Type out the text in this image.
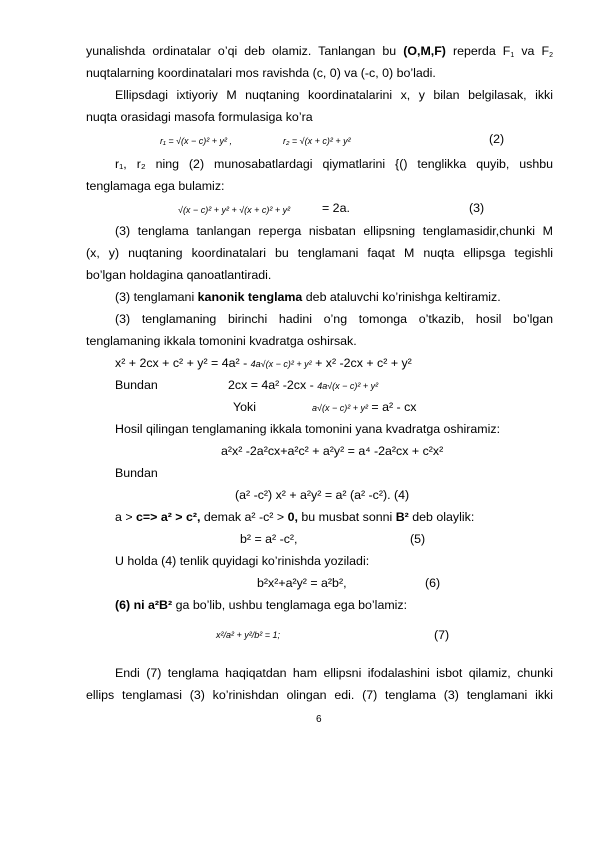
yunalishda ordinatalar o’qi deb olamiz. Tanlangan bu (O,M,F) reperda $F_1$ va $F_2$
nuqtalarning koordinatalari mos ravishda (c, 0) va (-c, 0) bo’ladi.
Ellipsdagi ixtiyoriy M nuqtaning koordinatalarini x, y bilan belgilasak, ikki
nuqta orasidagi masofa formulasiga ko’ra
r₁ = √(x − c)² + y² ,	r₂ = √(x + c)² + y²	(2)
r₁, r₂ ning (2) munosabatlardagi qiymatlarini {() tenglikka quyib, ushbu
tenglamaga ega bulamiz:
√(x − c)² + y² + √(x + c)² + y²	= 2a.	(3)
(3) tenglama tanlangan reperga nisbatan ellipsning tenglamasidir,chunki M
(x, y) nuqtaning koordinatalari bu tenglamani faqat M nuqta ellipsga tegishli
bo’lgan holdagina qanoatlantiradi.
(3) tenglamani kanonik tenglama deb ataluvchi ko’rinishga keltiramiz.
(3) tenglamaning birinchi hadini o’ng tomonga o’tkazib, hosil bo’lgan
tenglamaning ikkala tomonini kvadratga oshirsak.
x² + 2cx + c² + y² = 4a² - 4a√(x − c)² + y² + x² -2cx + c² + y²
Bundan	2cx = 4a² -2cx - 4a√(x − c)² + y²
Yoki	a√(x − c)² + y² = a² - cx
Hosil qilingan tenglamaning ikkala tomonini yana kvadratga oshiramiz:
a²x² -2a²cx+a²c² + a²y² = a⁴ -2a²cx + c²x²
Bundan
(a² -c²) x² + a²y² = a² (a² -c²). (4)
a > c=> a² > c², demak a² -c² > 0, bu musbat sonni B² deb olaylik:
b² = a² -c²,	(5)
U holda (4) tenlik quyidagi ko’rinishda yoziladi:
b²x²+a²y² = a²b²,	(6)
(6) ni a²B² ga bo’lib, ushbu tenglamaga ega bo’lamiz:
x²/a² + y²/b² = 1;	(7)
Endi (7) tenglama haqiqatdan ham ellipsni ifodalashini isbot qilamiz, chunki
ellips tenglamasi (3) ko’rinishdan olingan edi. (7) tenglama (3) tenglamani ikki
6
